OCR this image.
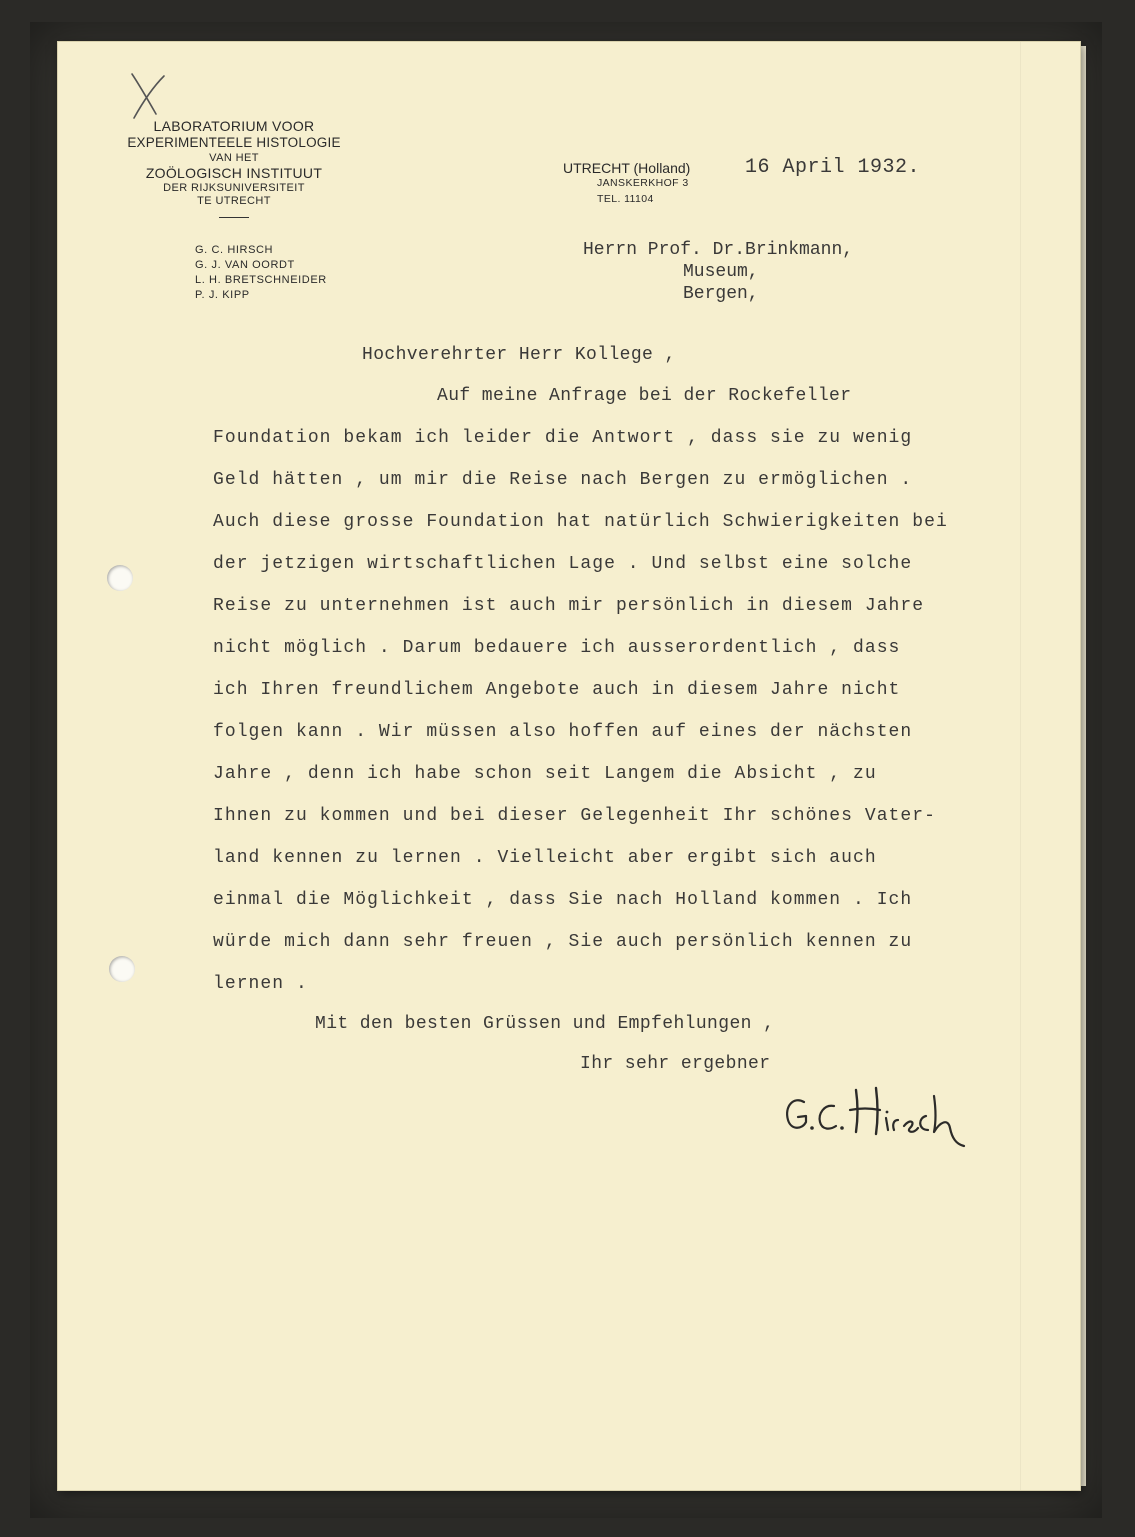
LABORATORIUM VOOR
EXPERIMENTEELE HISTOLOGIE
VAN HET
ZOÖLOGISCH INSTITUUT
DER RIJKSUNIVERSITEIT
TE UTRECHT
G. C. HIRSCH
G. J. VAN OORDT
L. H. BRETSCHNEIDER
P. J. KIPP
UTRECHT (Holland)
JANSKERKHOF 3
TEL. 11104
16 April 1932.
Herrn Prof. Dr.Brinkmann,
Museum,
Bergen,
Hochverehrter Herr Kollege ,
Auf meine Anfrage bei der Rockefeller
Foundation bekam ich leider die Antwort , dass sie zu wenig
Geld hätten , um mir die Reise nach Bergen zu ermöglichen .
Auch diese grosse Foundation hat natürlich Schwierigkeiten bei
der jetzigen wirtschaftlichen Lage . Und selbst eine solche
Reise zu unternehmen ist auch mir persönlich in diesem Jahre
nicht möglich . Darum bedauere ich ausserordentlich , dass
ich Ihren freundlichem Angebote auch in diesem Jahre nicht
folgen kann . Wir müssen also hoffen auf eines der nächsten
Jahre , denn ich habe schon seit Langem die Absicht , zu
Ihnen zu kommen und bei dieser Gelegenheit Ihr schönes Vater-
land kennen zu lernen . Vielleicht aber ergibt sich auch
einmal die Möglichkeit , dass Sie nach Holland kommen . Ich
würde mich dann sehr freuen , Sie auch persönlich kennen zu
lernen .
Mit den besten Grüssen und Empfehlungen ,
Ihr sehr ergebner
